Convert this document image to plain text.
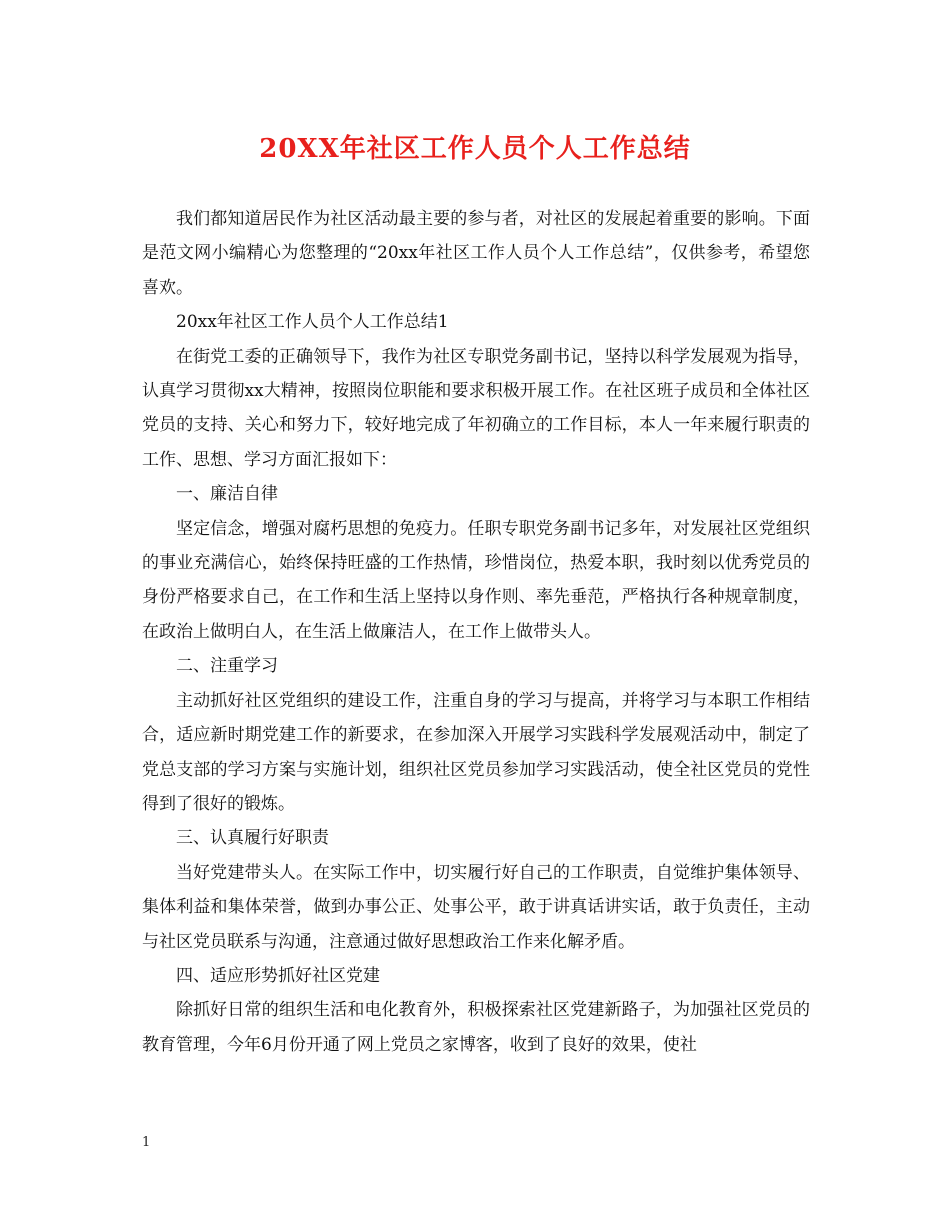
20XX年社区工作人员个人工作总结

我们都知道居民作为社区活动最主要的参与者，对社区的发展起着重要的影响。下面是范文网小编精心为您整理的“20xx年社区工作人员个人工作总结”，仅供参考，希望您喜欢。

20xx年社区工作人员个人工作总结1

在街党工委的正确领导下，我作为社区专职党务副书记，坚持以科学发展观为指导，认真学习贯彻xx大精神，按照岗位职能和要求积极开展工作。在社区班子成员和全体社区党员的支持、关心和努力下，较好地完成了年初确立的工作目标，本人一年来履行职责的工作、思想、学习方面汇报如下：

一、廉洁自律

坚定信念，增强对腐朽思想的免疫力。任职专职党务副书记多年，对发展社区党组织的事业充满信心，始终保持旺盛的工作热情，珍惜岗位，热爱本职，我时刻以优秀党员的身份严格要求自己，在工作和生活上坚持以身作则、率先垂范，严格执行各种规章制度，在政治上做明白人，在生活上做廉洁人，在工作上做带头人。

二、注重学习

主动抓好社区党组织的建设工作，注重自身的学习与提高，并将学习与本职工作相结合，适应新时期党建工作的新要求，在参加深入开展学习实践科学发展观活动中，制定了党总支部的学习方案与实施计划，组织社区党员参加学习实践活动，使全社区党员的党性得到了很好的锻炼。

三、认真履行好职责

当好党建带头人。在实际工作中，切实履行好自己的工作职责，自觉维护集体领导、集体利益和集体荣誉，做到办事公正、处事公平，敢于讲真话讲实话，敢于负责任，主动与社区党员联系与沟通，注意通过做好思想政治工作来化解矛盾。

四、适应形势抓好社区党建

除抓好日常的组织生活和电化教育外，积极探索社区党建新路子，为加强社区党员的教育管理，今年6月份开通了网上党员之家博客，收到了良好的效果，使社

1
